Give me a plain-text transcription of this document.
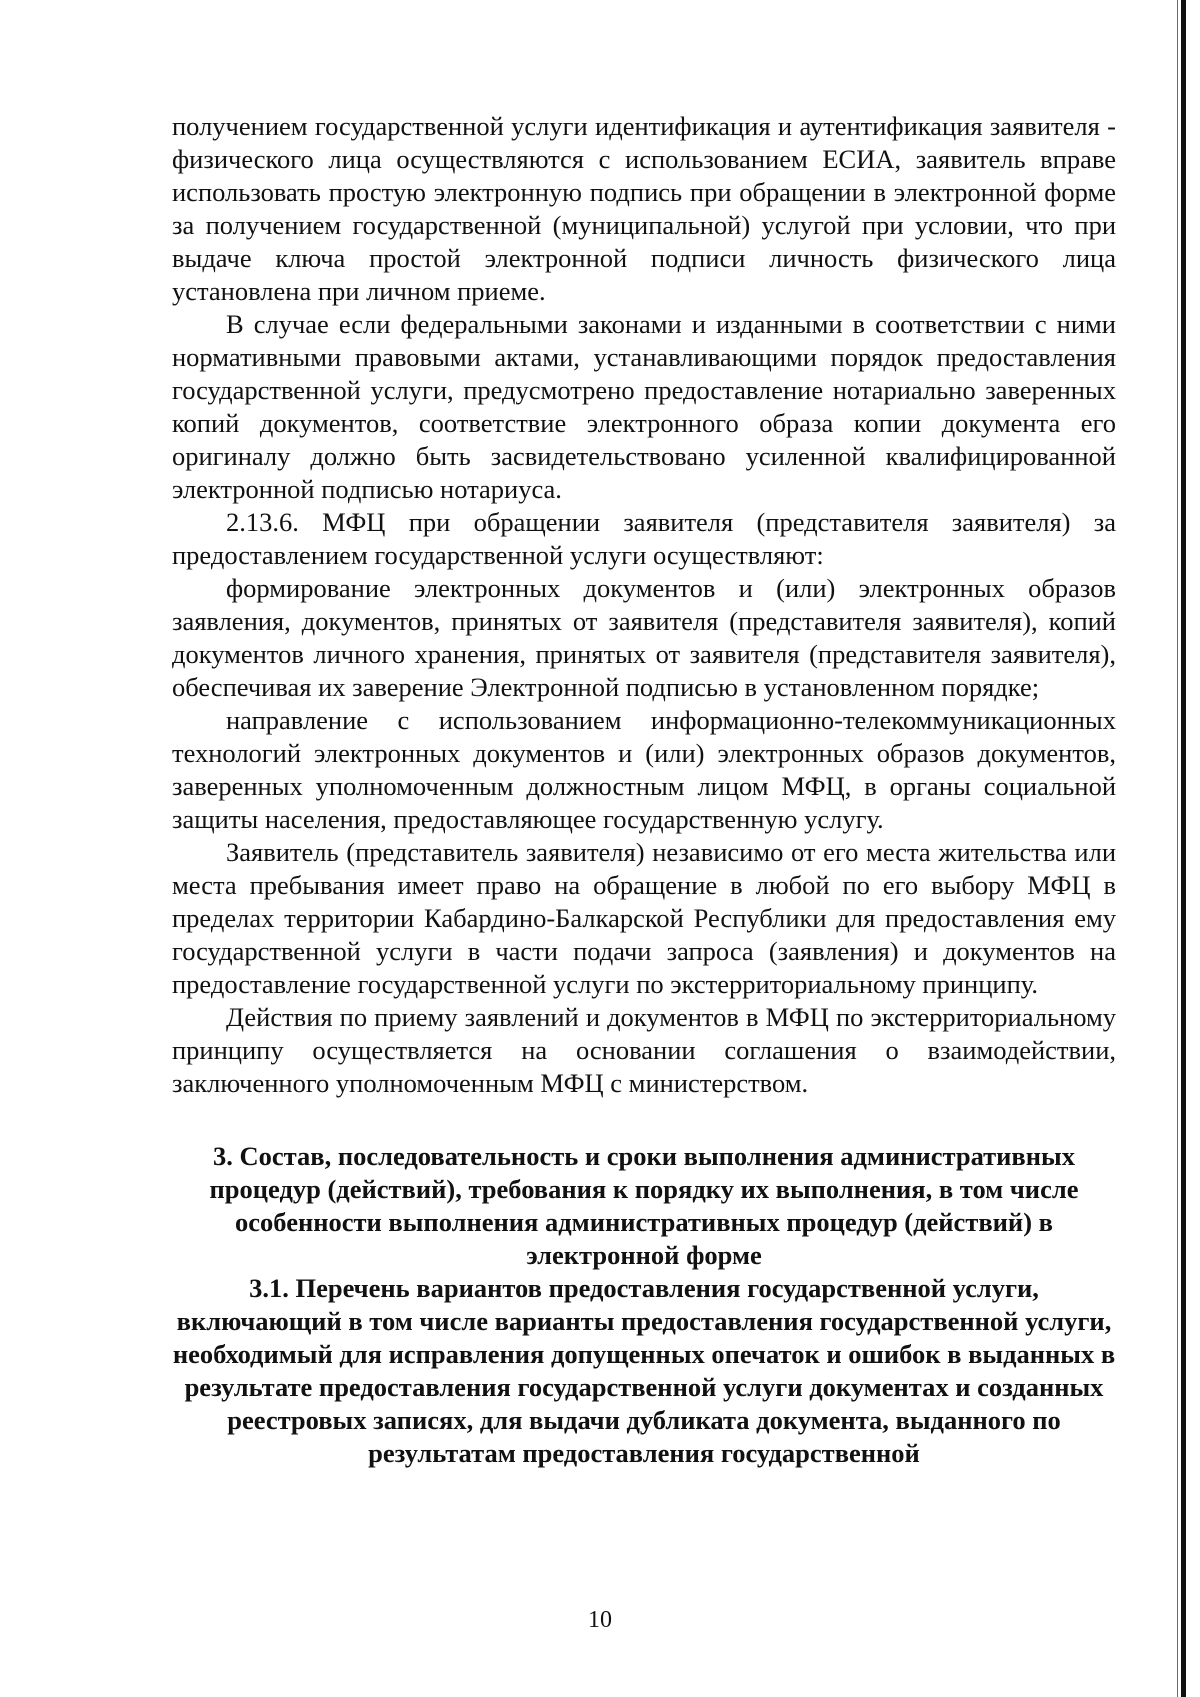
получением государственной услуги идентификация и аутентификация заявителя - физического лица осуществляются с использованием ЕСИА, заявитель вправе использовать простую электронную подпись при обращении в электронной форме за получением государственной (муниципальной) услугой при условии, что при выдаче ключа простой электронной подписи личность физического лица установлена при личном приеме.

В случае если федеральными законами и изданными в соответствии с ними нормативными правовыми актами, устанавливающими порядок предоставления государственной услуги, предусмотрено предоставление нотариально заверенных копий документов, соответствие электронного образа копии документа его оригиналу должно быть засвидетельствовано усиленной квалифицированной электронной подписью нотариуса.

2.13.6. МФЦ при обращении заявителя (представителя заявителя) за предоставлением государственной услуги осуществляют:

формирование электронных документов и (или) электронных образов заявления, документов, принятых от заявителя (представителя заявителя), копий документов личного хранения, принятых от заявителя (представителя заявителя), обеспечивая их заверение Электронной подписью в установленном порядке;

направление с использованием информационно-телекоммуникационных технологий электронных документов и (или) электронных образов документов, заверенных уполномоченным должностным лицом МФЦ, в органы социальной защиты населения, предоставляющее государственную услугу.

Заявитель (представитель заявителя) независимо от его места жительства или места пребывания имеет право на обращение в любой по его выбору МФЦ в пределах территории Кабардино-Балкарской Республики для предоставления ему государственной услуги в части подачи запроса (заявления) и документов на предоставление государственной услуги по экстерриториальному принципу.

Действия по приему заявлений и документов в МФЦ по экстерриториальному принципу осуществляется на основании соглашения о взаимодействии, заключенного уполномоченным МФЦ с министерством.

3. Состав, последовательность и сроки выполнения административных процедур (действий), требования к порядку их выполнения, в том числе особенности выполнения административных процедур (действий) в электронной форме

3.1. Перечень вариантов предоставления государственной услуги, включающий в том числе варианты предоставления государственной услуги, необходимый для исправления допущенных опечаток и ошибок в выданных в результате предоставления государственной услуги документах и созданных реестровых записях, для выдачи дубликата документа, выданного по результатам предоставления государственной

10
